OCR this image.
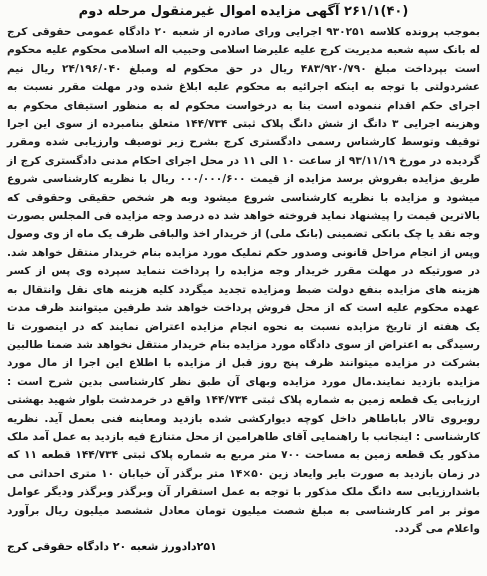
(۴۰)۲۶۱/۱ آگهی مزایده اموال غیرمنقول مرحله دوم

بموجب پرونده کلاسه ۹۳۰۲۵۱ اجرایی ورای صادره از شعبه ۲۰ دادگاه عمومی حقوقی کرج له بانک سپه شعبه مدیریت کرج علیه علیرضا اسلامی وحبیب اله اسلامی محکوم علیه محکوم است بپرداخت مبلغ ۴۸۳/۹۲۰/۷۹۰ ریال در حق محکوم له ومبلغ ۲۴/۱۹۶/۰۴۰ ریال نیم عشردولتی با توجه به اینکه اجرائیه به محکوم علیه ابلاغ شده ودر مهلت مقرر نسبت به اجرای حکم اقدام ننموده است بنا به درخواست محکوم له به منظور استیفای محکوم به وهزینه اجرایی ۳ دانگ از شش دانگ پلاک ثبتی ۱۴۴/۷۳۴ متعلق بنامبرده از سوی این اجرا توقیف وتوسط کارشناس رسمی دادگستری کرج بشرح زیر توصیف وارزیابی شده ومقرر گردیده در مورخ ۹۳/۱۱/۱۹ از ساعت ۱۰ الی ۱۱ در محل اجرای احکام مدنی دادگستری کرج از طریق مزایده بفروش برسد مزایده از قیمت ۰۰۰/۰۰۰/۶۰۰ ریال با نظریه کارشناسی شروع میشود و مزایده با نظریه کارشناسی شروع میشود وبه هر شخص حقیقی وحقوقی که بالاترین قیمت را پیشنهاد نماید فروخته خواهد شد ده درصد وجه مزایده فی المجلس بصورت وجه نقد یا چک بانکی تضمینی (بانک ملی) از خریدار اخذ والباقی ظرف یک ماه از وی وصول وپس از انجام مراحل قانونی وصدور حکم تملیک مورد مزایده بنام خریدار منتقل خواهد شد. در صورتیکه در مهلت مقرر خریدار وجه مزایده را پرداخت ننماید سپرده وی پس از کسر هزینه های مزایده بنفع دولت ضبط ومزایده تجدید میگردد کلیه هزینه های نقل وانتقال به عهده محکوم علیه است که از محل فروش پرداخت خواهد شد طرفین میتوانند ظرف مدت یک هفته از تاریخ مزایده نسبت به نحوه انجام مزایده اعتراض نمایند که در اینصورت تا رسیدگی به اعتراض از سوی دادگاه مورد مزایده بنام خریدار منتقل نخواهد شد ضمنا طالبین بشرکت در مزایده میتوانند ظرف پنج روز قبل از مزایده با اطلاع این اجرا از مال مورد مزایده بازدید نمایند.مال مورد مزایده وبهای آن طبق نظر کارشناسی بدین شرح است : ارزیابی یک قطعه زمین به شماره پلاک ثبتی ۱۴۴/۷۳۴ واقع در خرمدشت بلوار شهید بهشتی روبروی تالار باباطاهر داخل کوچه دیوارکشی شده بازدید ومعاینه فنی بعمل آید. نظریه کارشناسی : اینجانب با راهنمایی آقای طاهرامین از محل متنازع فیه بازدید به عمل آمد ملک مذکور یک قطعه زمین به مساحت ۷۰۰ متر مربع به شماره پلاک ثبتی ۱۴۴/۷۳۴ قطعه ۱۱ که در زمان بازدید به صورت بایر وایعاد زین ۵۰×۱۴ متر برگذر آن خیابان ۱۰ متری احداثی می باشدارزیابی سه دانگ ملک مذکور با توجه به عمل استقرار آن وبرگذر وبرگذر ودیگر عوامل موثر بر امر کارشناسی به مبلغ شصت میلیون تومان معادل ششصد میلیون ریال برآورد واعلام می گردد.

۲۵۱دادورز شعبه ۲۰ دادگاه حقوقی کرج
